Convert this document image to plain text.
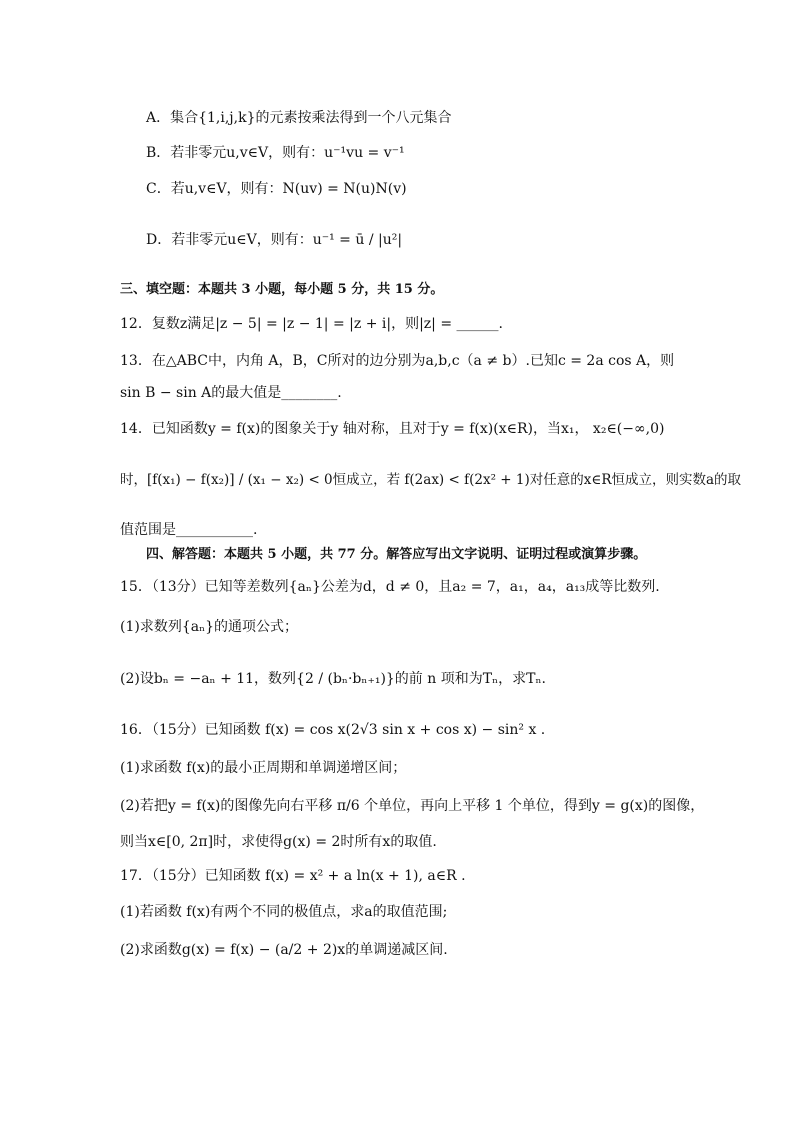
A．集合{1,i,j,k}的元素按乘法得到一个八元集合
B．若非零元u,v∈V，则有：u⁻¹vu = v⁻¹
C．若u,v∈V，则有：N(uv) = N(u)N(v)
D．若非零元u∈V，则有：u⁻¹ = ū / |u²|
三、填空题：本题共 3 小题，每小题 5 分，共 15 分。
12．复数z满足|z − 5| = |z − 1| = |z + i|，则|z| = ______.
13．在△ABC中，内角 A，B，C所对的边分别为a,b,c（a ≠ b）.已知c = 2a cos A，则
sin B − sin A的最大值是________.
14．已知函数y = f(x)的图象关于y 轴对称，且对于y = f(x)(x∈R)，当x₁， x₂∈(−∞,0)
时，[f(x₁) − f(x₂)] / (x₁ − x₂) < 0恒成立，若 f(2ax) < f(2x² + 1)对任意的x∈R恒成立，则实数a的取
值范围是___________.
四、解答题：本题共 5 小题，共 77 分。解答应写出文字说明、证明过程或演算步骤。
15．（13分）已知等差数列{aₙ}公差为d，d ≠ 0，且a₂ = 7，a₁，a₄，a₁₃成等比数列.
(1)求数列{aₙ}的通项公式；
(2)设bₙ = −aₙ + 11，数列{2 / (bₙ·bₙ₊₁)}的前 n 项和为Tₙ，求Tₙ.
16．（15分）已知函数 f(x) = cos x(2√3 sin x + cos x) − sin² x .
(1)求函数 f(x)的最小正周期和单调递增区间；
(2)若把y = f(x)的图像先向右平移 π/6 个单位，再向上平移 1 个单位，得到y = g(x)的图像，
则当x∈[0, 2π]时，求使得g(x) = 2时所有x的取值.
17．（15分）已知函数 f(x) = x² + a ln(x + 1), a∈R .
(1)若函数 f(x)有两个不同的极值点，求a的取值范围;
(2)求函数g(x) = f(x) − (a/2 + 2)x的单调递减区间.
